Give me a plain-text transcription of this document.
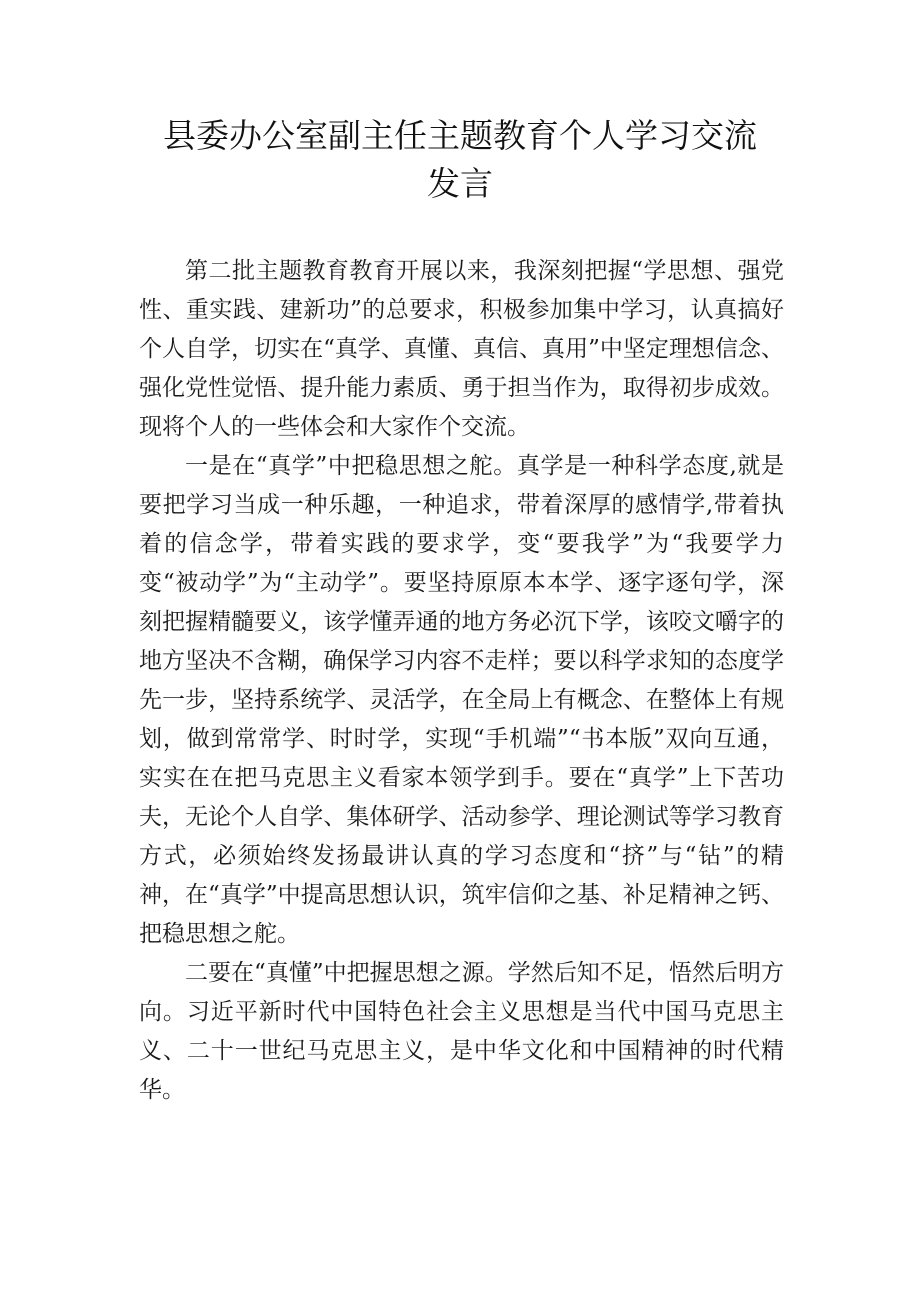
县委办公室副主任主题教育个人学习交流
发言

第二批主题教育教育开展以来，我深刻把握“学思想、强党性、重实践、建新功”的总要求，积极参加集中学习，认真搞好个人自学，切实在“真学、真懂、真信、真用”中坚定理想信念、强化党性觉悟、提升能力素质、勇于担当作为，取得初步成效。现将个人的一些体会和大家作个交流。

一是在“真学”中把稳思想之舵。真学是一种科学态度,就是要把学习当成一种乐趣，一种追求，带着深厚的感情学,带着执着的信念学，带着实践的要求学，变“要我学”为“我要学力变“被动学”为“主动学”。要坚持原原本本学、逐字逐句学，深刻把握精髓要义，该学懂弄通的地方务必沉下学，该咬文嚼字的地方坚决不含糊，确保学习内容不走样；要以科学求知的态度学先一步，坚持系统学、灵活学，在全局上有概念、在整体上有规划，做到常常学、时时学，实现“手机端”“书本版”双向互通，实实在在把马克思主义看家本领学到手。要在“真学”上下苦功夫，无论个人自学、集体研学、活动参学、理论测试等学习教育方式，必须始终发扬最讲认真的学习态度和“挤”与“钻”的精神，在“真学”中提高思想认识，筑牢信仰之基、补足精神之钙、把稳思想之舵。

二要在“真懂”中把握思想之源。学然后知不足，悟然后明方向。习近平新时代中国特色社会主义思想是当代中国马克思主义、二十一世纪马克思主义，是中华文化和中国精神的时代精华。
